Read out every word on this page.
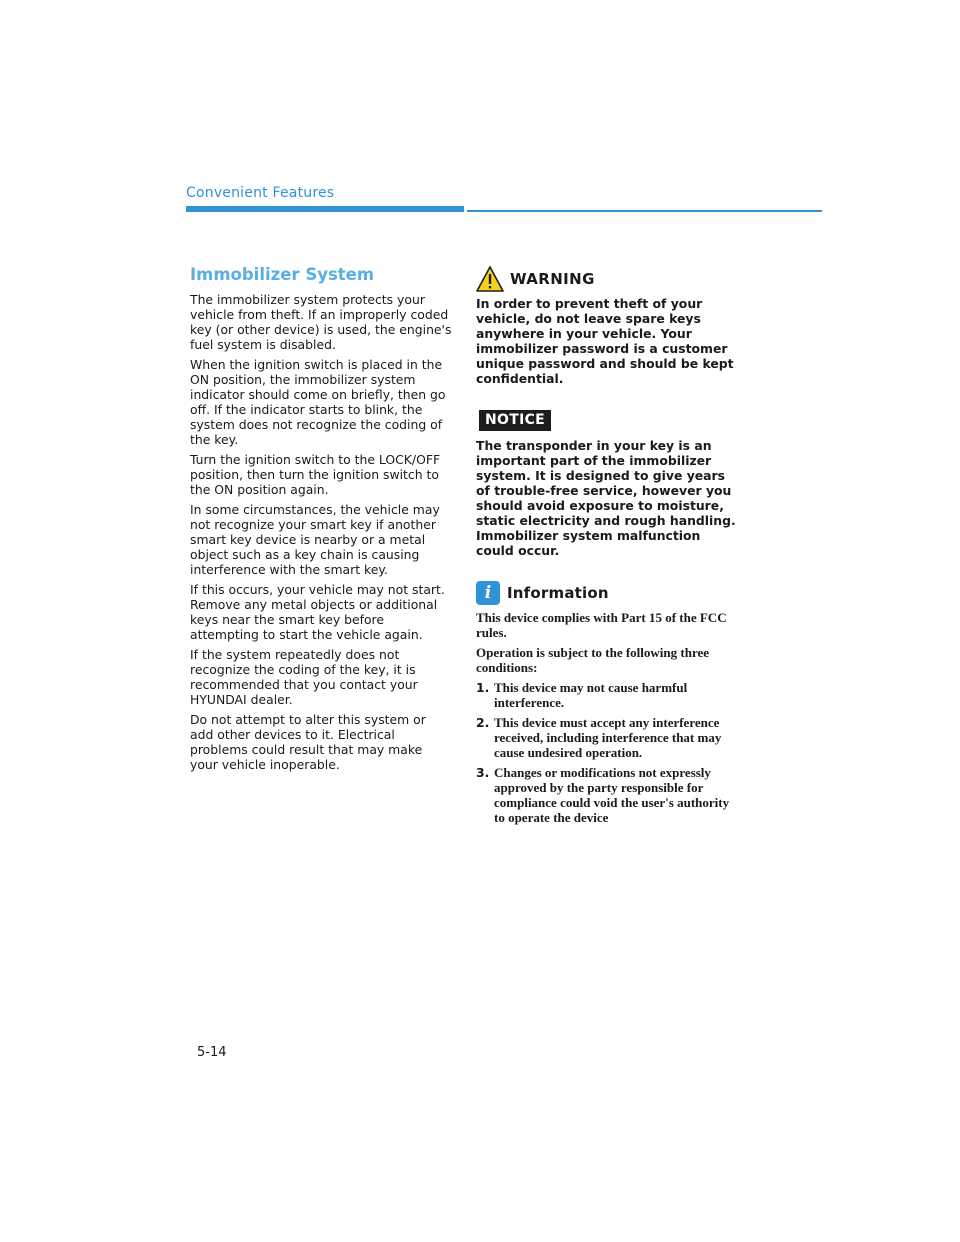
Convenient Features
Immobilizer System

The immobilizer system protects your vehicle from theft. If an improperly coded key (or other device) is used, the engine's fuel system is disabled.

When the ignition switch is placed in the ON position, the immobilizer system indicator should come on briefly, then go off. If the indicator starts to blink, the system does not recognize the coding of the key.

Turn the ignition switch to the LOCK/OFF position, then turn the ignition switch to the ON position again.

In some circumstances, the vehicle may not recognize your smart key if another smart key device is nearby or a metal object such as a key chain is causing interference with the smart key.

If this occurs, your vehicle may not start. Remove any metal objects or additional keys near the smart key before attempting to start the vehicle again.

If the system repeatedly does not recognize the coding of the key, it is recommended that you contact your HYUNDAI dealer.

Do not attempt to alter this system or add other devices to it. Electrical problems could result that may make your vehicle inoperable.

WARNING

In order to prevent theft of your vehicle, do not leave spare keys anywhere in your vehicle. Your immobilizer password is a customer unique password and should be kept confidential.

NOTICE

The transponder in your key is an important part of the immobilizer system. It is designed to give years of trouble-free service, however you should avoid exposure to moisture, static electricity and rough handling. Immobilizer system malfunction could occur.

i	Information

This device complies with Part 15 of the FCC rules.

Operation is subject to the following three conditions:

1. This device may not cause harmful interference.
2. This device must accept any interference received, including interference that may cause undesired operation.
3. Changes or modifications not expressly approved by the party responsible for compliance could void the user's authority to operate the device
5-14
